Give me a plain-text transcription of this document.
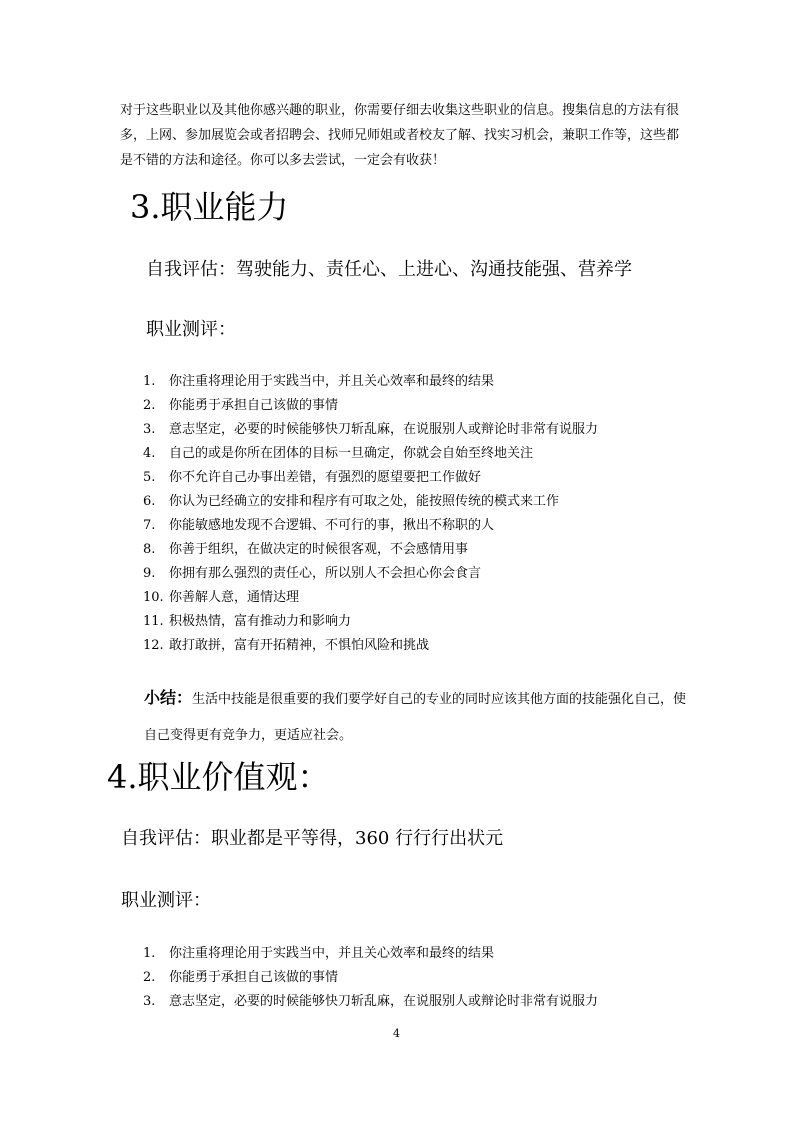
对于这些职业以及其他你感兴趣的职业，你需要仔细去收集这些职业的信息。搜集信息的方法有很多，上网、参加展览会或者招聘会、找师兄师姐或者校友了解、找实习机会，兼职工作等，这些都是不错的方法和途径。你可以多去尝试，一定会有收获！

3.职业能力

自我评估：驾驶能力、责任心、上进心、沟通技能强、营养学

职业测评：

1. 你注重将理论用于实践当中，并且关心效率和最终的结果
2. 你能勇于承担自己该做的事情
3. 意志坚定，必要的时候能够快刀斩乱麻，在说服别人或辩论时非常有说服力
4. 自己的或是你所在团体的目标一旦确定，你就会自始至终地关注
5. 你不允许自己办事出差错，有强烈的愿望要把工作做好
6. 你认为已经确立的安排和程序有可取之处，能按照传统的模式来工作
7. 你能敏感地发现不合逻辑、不可行的事，揪出不称职的人
8. 你善于组织，在做决定的时候很客观，不会感情用事
9. 你拥有那么强烈的责任心，所以别人不会担心你会食言
10. 你善解人意，通情达理
11. 积极热情，富有推动力和影响力
12. 敢打敢拼，富有开拓精神，不惧怕风险和挑战

小结：生活中技能是很重要的我们要学好自己的专业的同时应该其他方面的技能强化自己，使自己变得更有竞争力，更适应社会。

4.职业价值观：

自我评估：职业都是平等得，360 行行行出状元

职业测评：

1. 你注重将理论用于实践当中，并且关心效率和最终的结果
2. 你能勇于承担自己该做的事情
3. 意志坚定，必要的时候能够快刀斩乱麻，在说服别人或辩论时非常有说服力
4
